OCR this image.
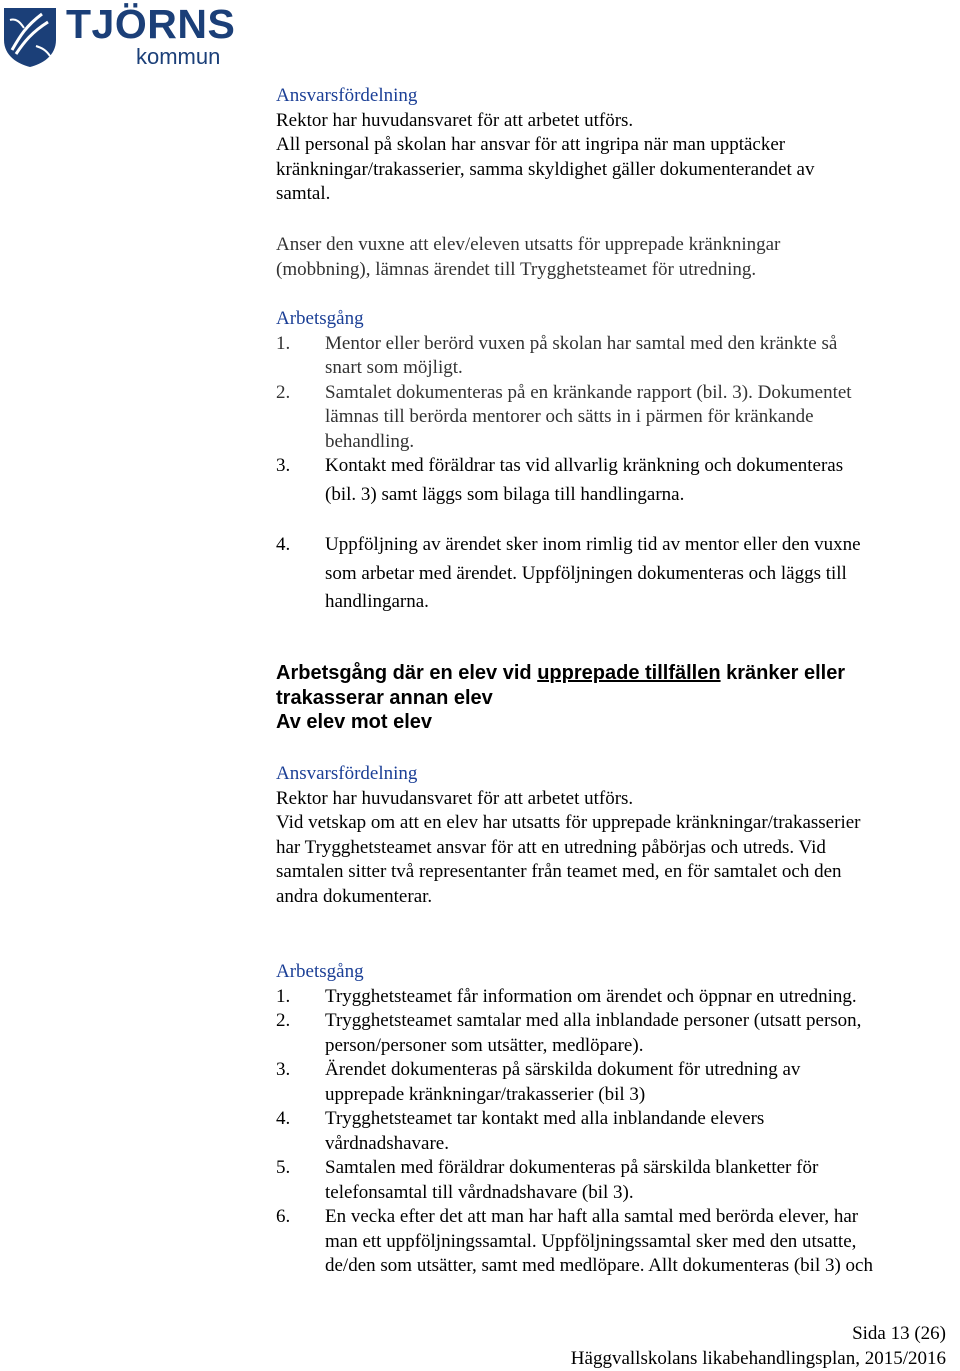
TJÖRNS
kommun

Ansvarsfördelning

Rektor har huvudansvaret för att arbetet utförs.

All personal på skolan har ansvar för att ingripa när man upptäcker

kränkningar/trakasserier, samma skyldighet gäller dokumenterandet av

samtal.

Anser den vuxne att elev/eleven utsatts för upprepade kränkningar

(mobbning), lämnas ärendet till Trygghetsteamet för utredning.

Arbetsgång

1.	Mentor eller berörd vuxen på skolan har samtal med den kränkte så

snart som möjligt.

2.	Samtalet dokumenteras på en kränkande rapport (bil. 3). Dokumentet

lämnas till berörda mentorer och sätts in i pärmen för kränkande

behandling.

3.	Kontakt med föräldrar tas vid allvarlig kränkning och dokumenteras

(bil. 3) samt läggs som bilaga till handlingarna.

4.	Uppföljning av ärendet sker inom rimlig tid av mentor eller den vuxne

som arbetar med ärendet. Uppföljningen dokumenteras och läggs till

handlingarna.

Arbetsgång där en elev vid upprepade tillfällen kränker eller

trakasserar annan elev

Av elev mot elev

Ansvarsfördelning

Rektor har huvudansvaret för att arbetet utförs.

Vid vetskap om att en elev har utsatts för upprepade kränkningar/trakasserier

har Trygghetsteamet ansvar för att en utredning påbörjas och utreds. Vid

samtalen sitter två representanter från teamet med, en för samtalet och den

andra dokumenterar.

Arbetsgång

1.	Trygghetsteamet får information om ärendet och öppnar en utredning.

2.	Trygghetsteamet samtalar med alla inblandade personer (utsatt person,

person/personer som utsätter, medlöpare).

3.	Ärendet dokumenteras på särskilda dokument för utredning av

upprepade kränkningar/trakasserier (bil 3)

4.	Trygghetsteamet tar kontakt med alla inblandande elevers

vårdnadshavare.

5.	Samtalen med föräldrar dokumenteras på särskilda blanketter för

telefonsamtal till vårdnadshavare (bil 3).

6.	En vecka efter det att man har haft alla samtal med berörda elever, har

man ett uppföljningssamtal. Uppföljningssamtal sker med den utsatte,

de/den som utsätter, samt med medlöpare. Allt dokumenteras (bil 3) och

Sida 13 (26)

Häggvallskolans likabehandlingsplan, 2015/2016
